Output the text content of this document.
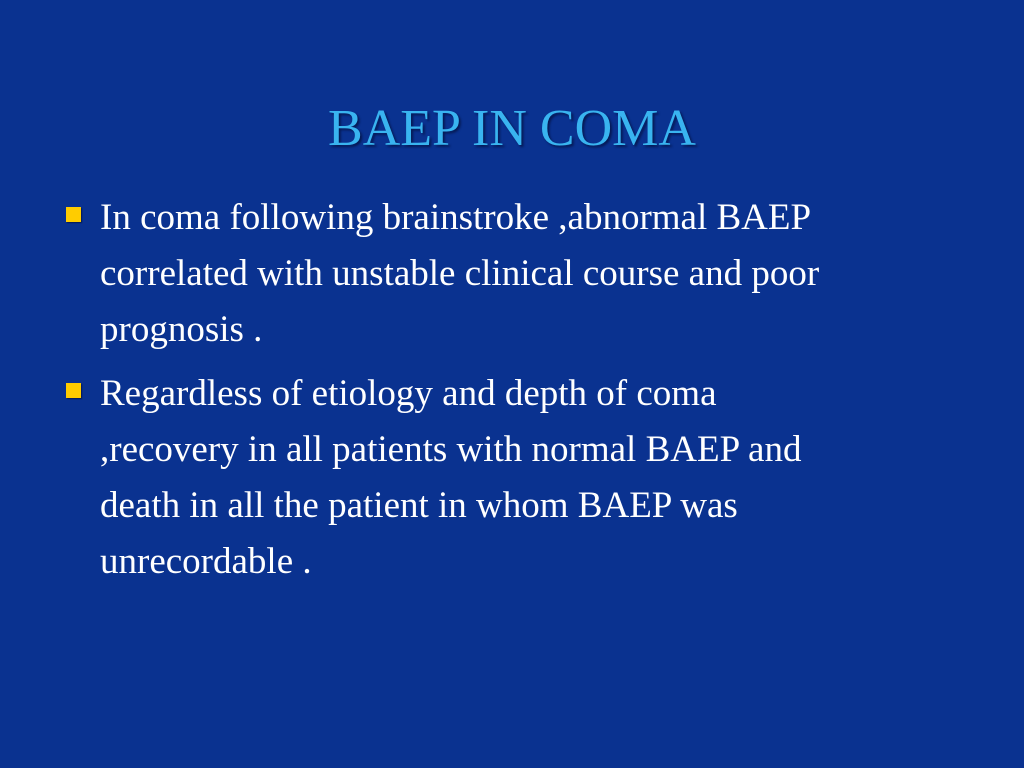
BAEP IN COMA
In coma following brainstroke ,abnormal BAEP
correlated with unstable clinical course and poor
prognosis .
Regardless of etiology and depth of coma
,recovery in all patients with normal BAEP and
death in all the patient in whom BAEP was
unrecordable .
